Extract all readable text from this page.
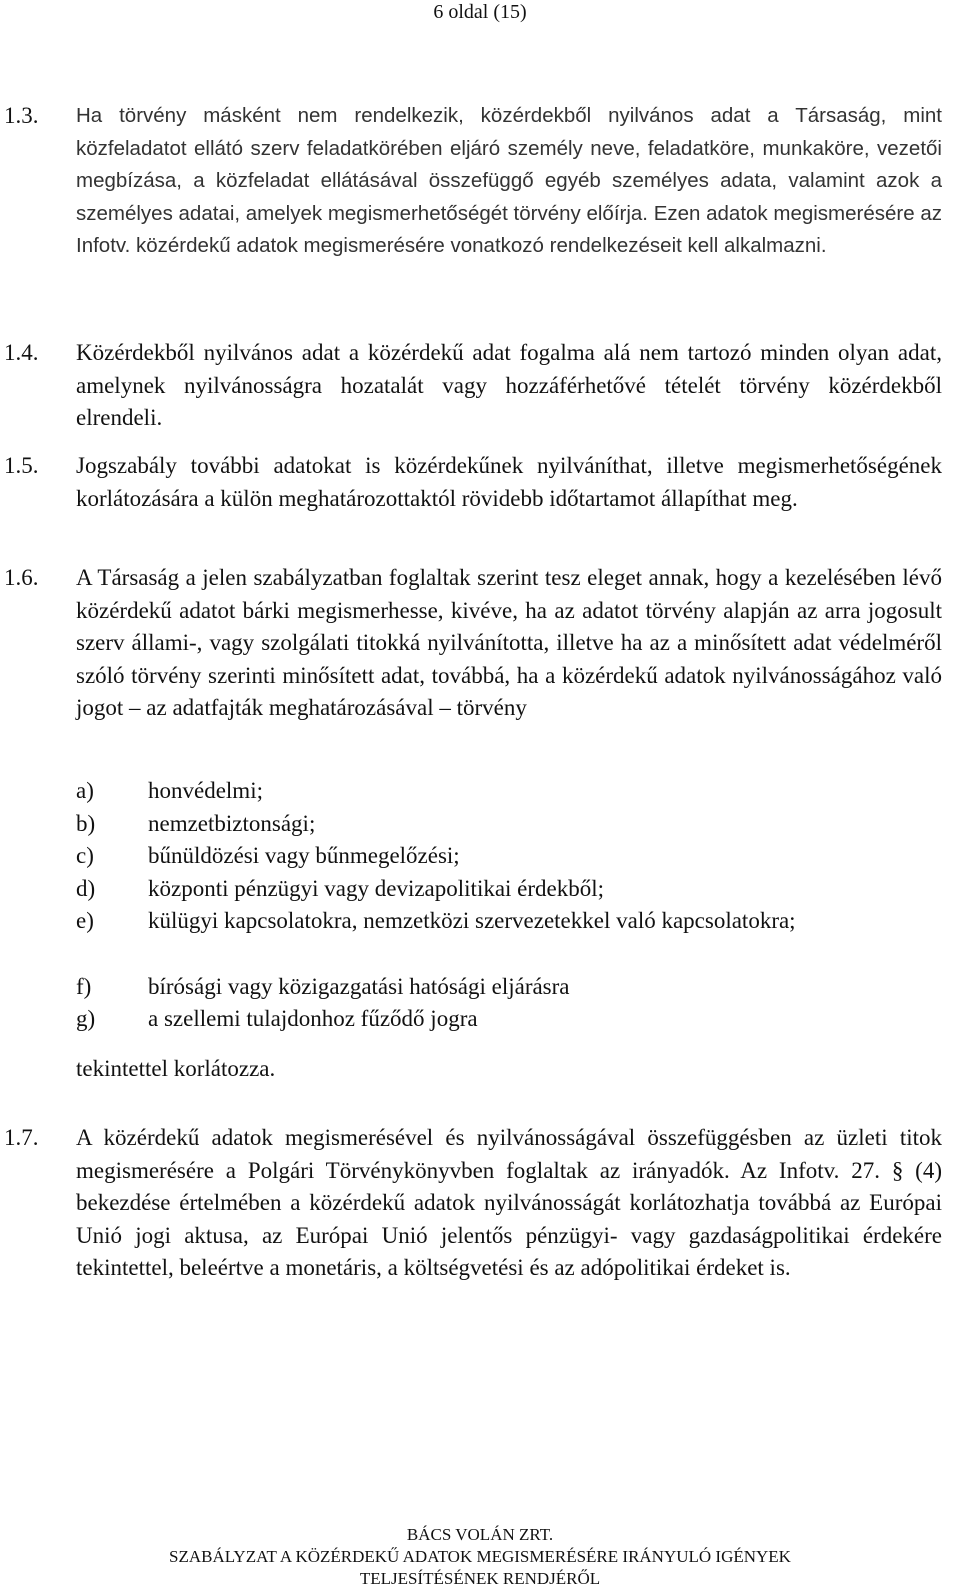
6 oldal (15)
1.3. Ha törvény másként nem rendelkezik, közérdekből nyilvános adat a Társaság, mint közfeladatot ellátó szerv feladatkörében eljáró személy neve, feladatköre, munkaköre, vezetői megbízása, a közfeladat ellátásával összefüggő egyéb személyes adata, valamint azok a személyes adatai, amelyek megismerhetőségét törvény előírja. Ezen adatok megismerésére az Infotv. közérdekű adatok megismerésére vonatkozó rendelkezéseit kell alkalmazni.
1.4. Közérdekből nyilvános adat a közérdekű adat fogalma alá nem tartozó minden olyan adat, amelynek nyilvánosságra hozatalát vagy hozzáférhetővé tételét törvény közérdekből elrendeli.
1.5. Jogszabály további adatokat is közérdekűnek nyilváníthat, illetve megismerhetőségének korlátozására a külön meghatározottaktól rövidebb időtartamot állapíthat meg.
1.6. A Társaság a jelen szabályzatban foglaltak szerint tesz eleget annak, hogy a kezelésében lévő közérdekű adatot bárki megismerhesse, kivéve, ha az adatot törvény alapján az arra jogosult szerv állami-, vagy szolgálati titokká nyilvánította, illetve ha az a minősített adat védelméről szóló törvény szerinti minősített adat, továbbá, ha a közérdekű adatok nyilvánosságához való jogot – az adatfajták meghatározásával – törvény
a) honvédelmi;
b) nemzetbiztonsági;
c) bűnüldözési vagy bűnmegelőzési;
d) központi pénzügyi vagy devizapolitikai érdekből;
e) külügyi kapcsolatokra, nemzetközi szervezetekkel való kapcsolatokra;
f) bírósági vagy közigazgatási hatósági eljárásra
g) a szellemi tulajdonhoz fűződő jogra
tekintettel korlátozza.
1.7. A közérdekű adatok megismerésével és nyilvánosságával összefüggésben az üzleti titok megismerésére a Polgári Törvénykönyvben foglaltak az irányadók. Az Infotv. 27. § (4) bekezdése értelmében a közérdekű adatok nyilvánosságát korlátozhatja továbbá az Európai Unió jogi aktusa, az Európai Unió jelentős pénzügyi- vagy gazdaságpolitikai érdekére tekintettel, beleértve a monetáris, a költségvetési és az adópolitikai érdeket is.
BÁCS VOLÁN ZRT.
SZABÁLYZAT A KÖZÉRDEKŰ ADATOK MEGISMERÉSÉRE IRÁNYULÓ IGÉNYEK
TELJESÍTÉSÉNEK RENDJÉRŐL
